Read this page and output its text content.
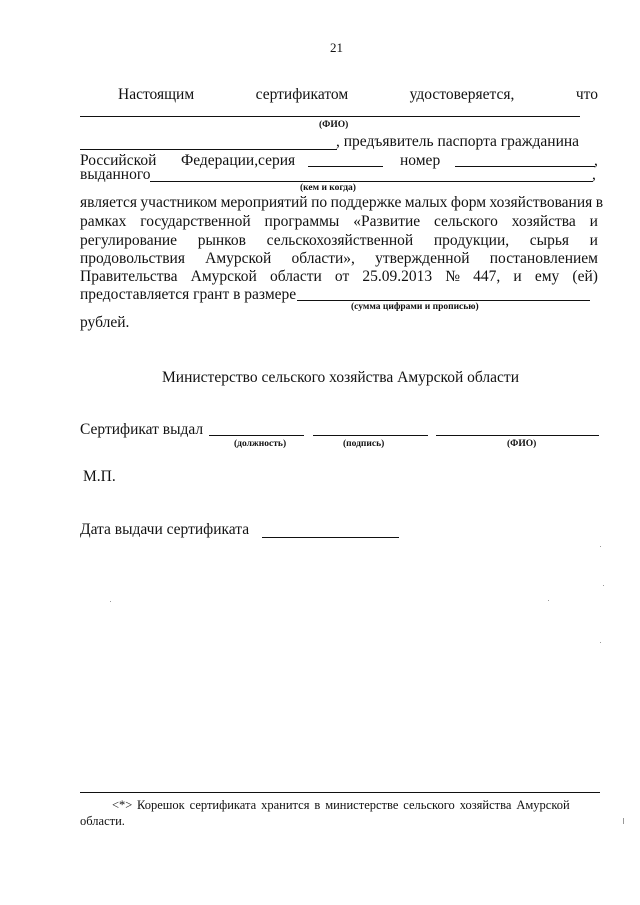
21
Настоящим	сертификатом	удостоверяется,	что
(ФИО)
, предъявитель паспорта гражданина
Российской Федерации, серия	номер	,
выданного	,
(кем и когда)
является участником мероприятий по поддержке малых форм хозяйствования в
рамках государственной программы «Развитие сельского хозяйства и
регулирование рынков сельскохозяйственной продукции, сырья и
продовольствия Амурской области», утвержденной постановлением
Правительства Амурской области от 25.09.2013 № 447, и ему (ей)
предоставляется грант в размере
(сумма цифрами и прописью)
рублей.
Министерство сельского хозяйства Амурской области
Сертификат выдал
(должность)	(подпись)	(ФИО)
М.П.
Дата выдачи сертификата
<*> Корешок сертификата хранится в министерстве сельского хозяйства Амурской
области.
